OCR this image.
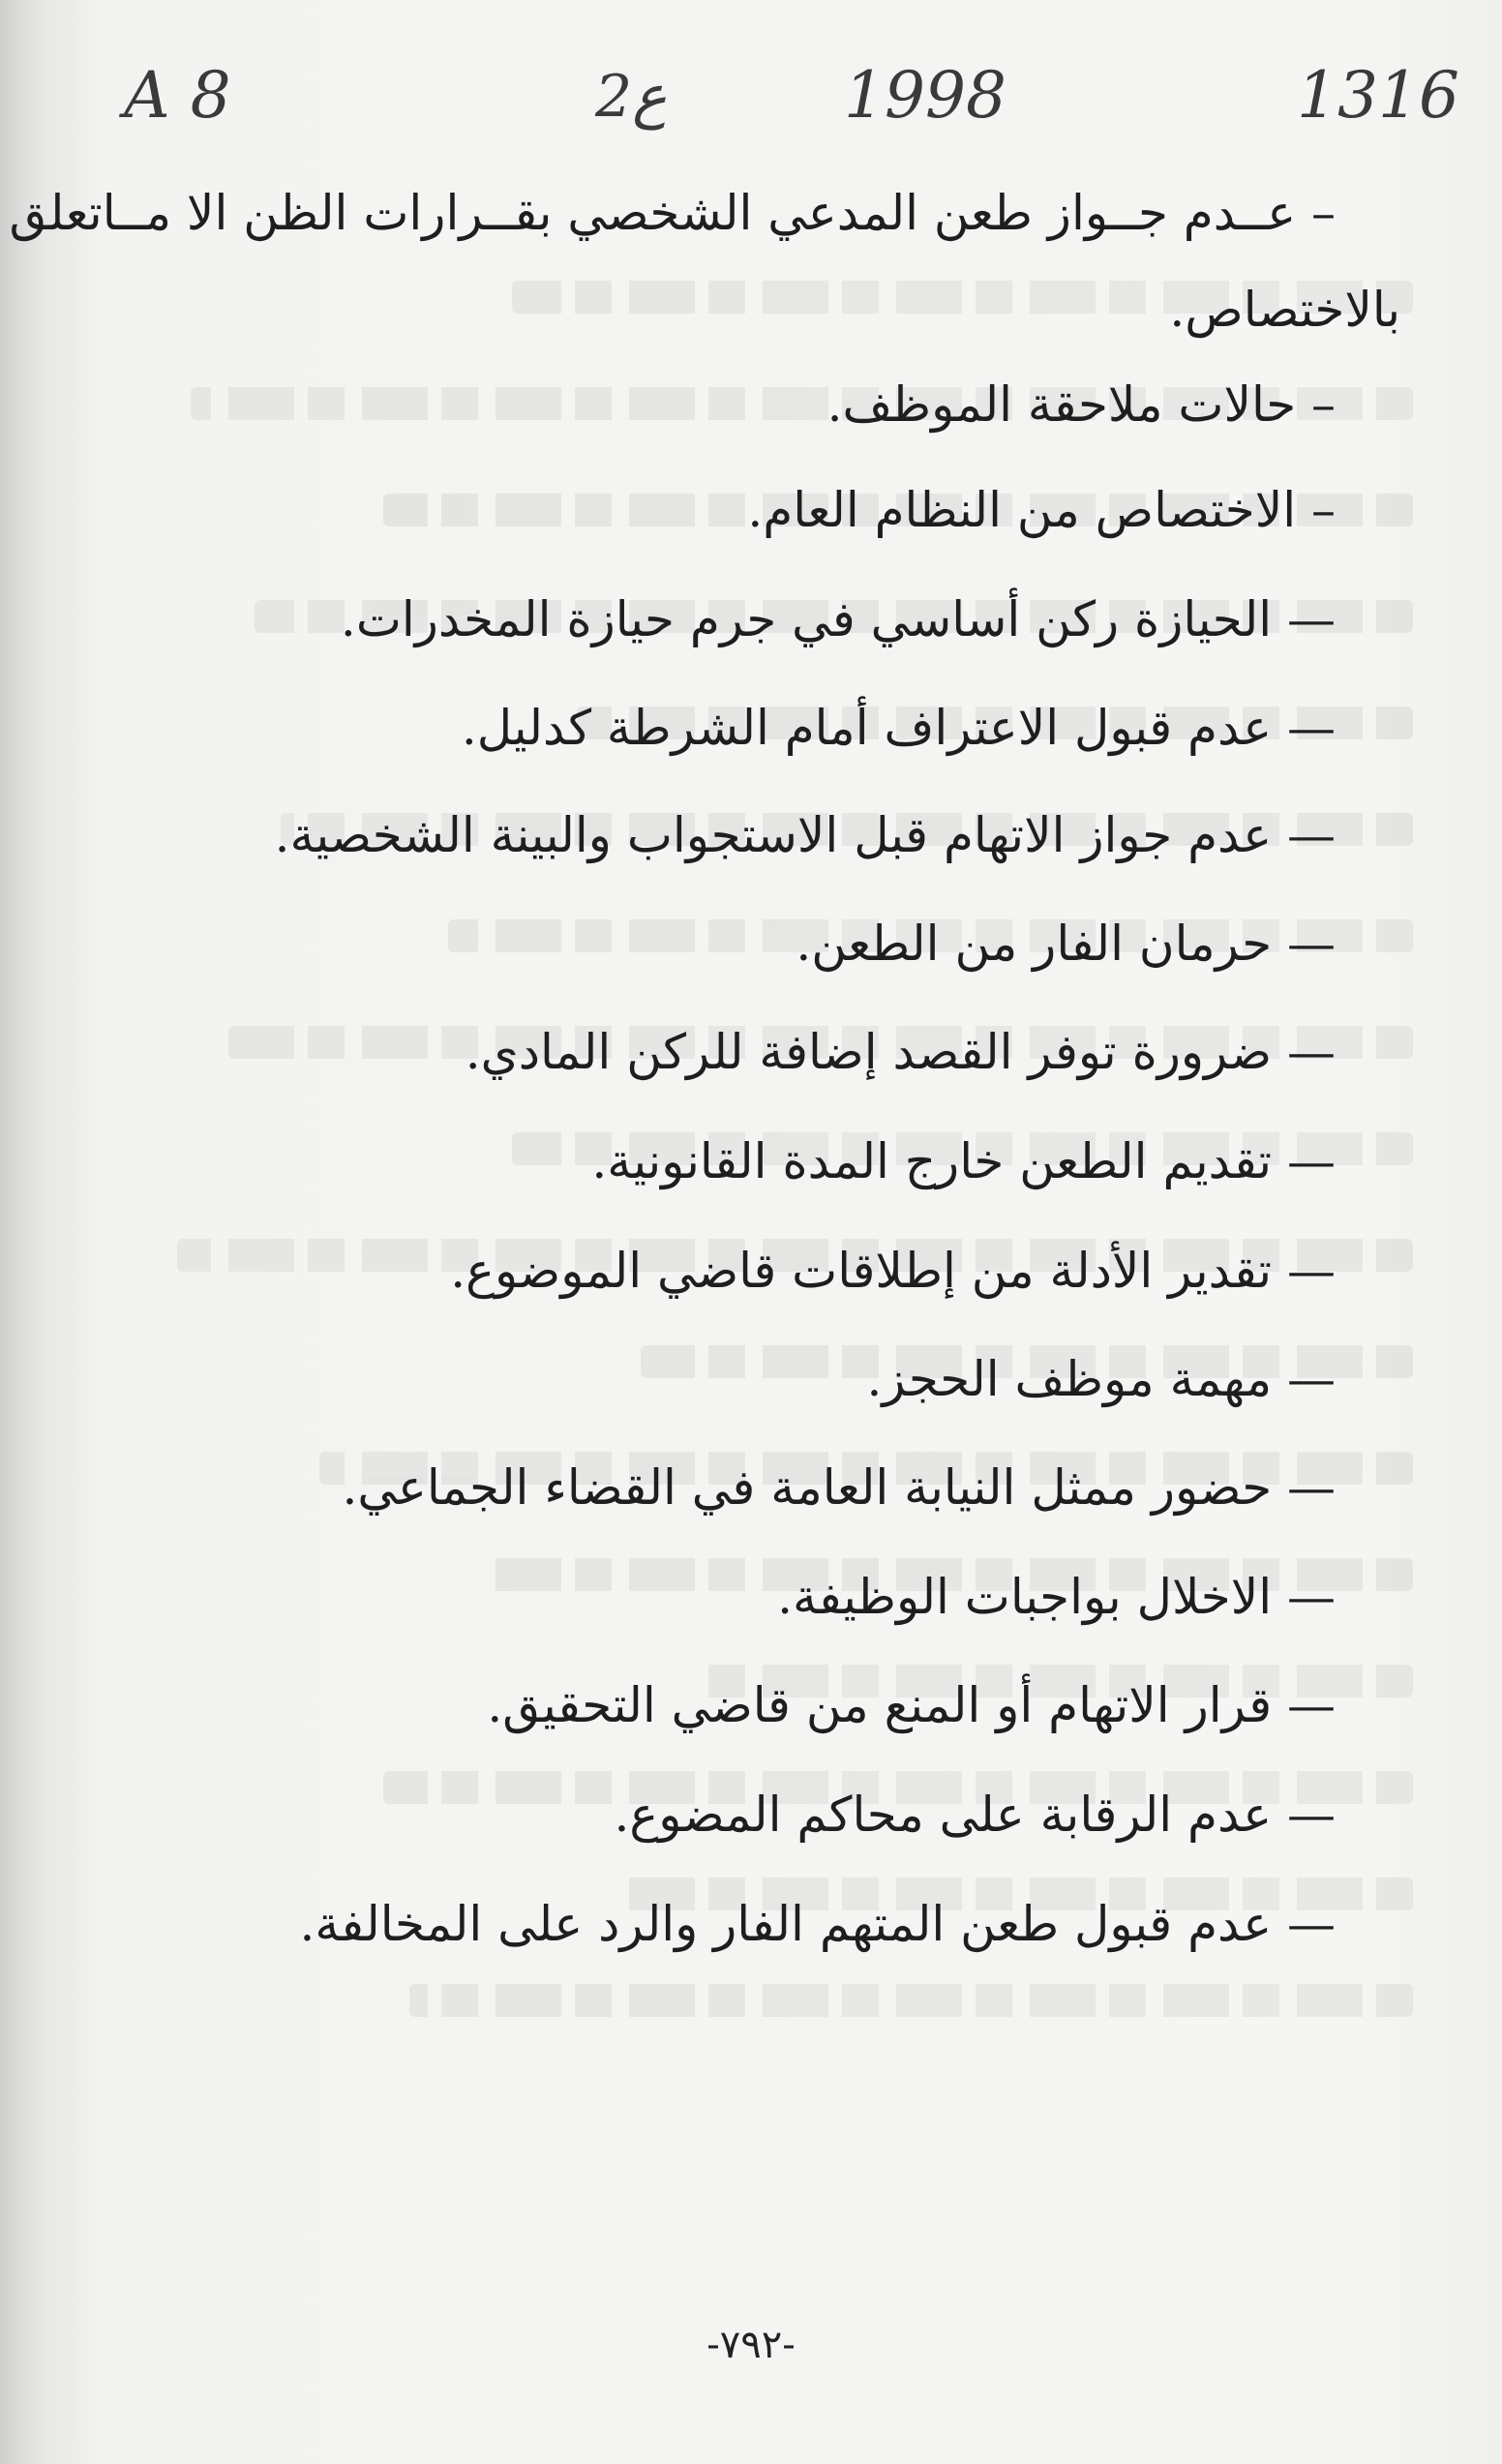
A 8	2ع	1998	1316
– عــدم جــواز طعن المدعي الشخصي بقــرارات الظن الا مــاتعلق
بالاختصاص.
– حالات ملاحقة الموظف.
– الاختصاص من النظام العام.
— الحيازة ركن أساسي في جرم حيازة المخدرات.
— عدم قبول الاعتراف أمام الشرطة كدليل.
— عدم جواز الاتهام قبل الاستجواب والبينة الشخصية.
— حرمان الفار من الطعن.
— ضرورة توفر القصد إضافة للركن المادي.
— تقديم الطعن خارج المدة القانونية.
— تقدير الأدلة من إطلاقات قاضي الموضوع.
— مهمة موظف الحجز.
— حضور ممثل النيابة العامة في القضاء الجماعي.
— الاخلال بواجبات الوظيفة.
— قرار الاتهام أو المنع من قاضي التحقيق.
— عدم الرقابة على محاكم المضوع.
— عدم قبول طعن المتهم الفار والرد على المخالفة.
-٧٩٢-
